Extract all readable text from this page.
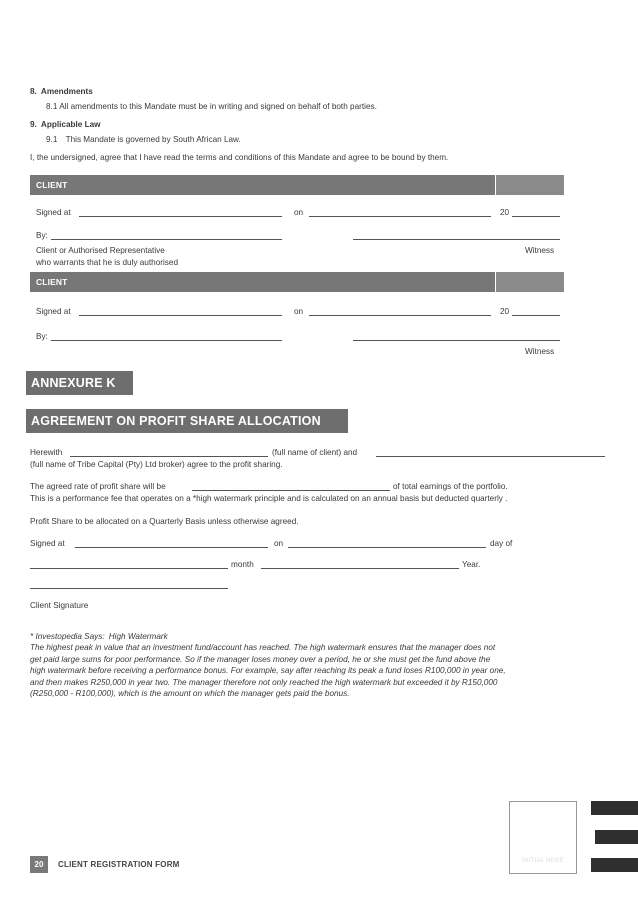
8. Amendments
8.1 All amendments to this Mandate must be in writing and signed on behalf of both parties.
9. Applicable Law
9.1  This Mandate is governed by South African Law.
I, the undersigned, agree that I have read the terms and conditions of this Mandate and agree to be bound by them.
CLIENT
Signed at	on	20
By:
Client or Authorised Representative
who warrants that he is duly authorised
Witness
CLIENT
Signed at	on	20
By:
Witness
ANNEXURE K
AGREEMENT ON PROFIT SHARE ALLOCATION
Herewith	(full name of client) and
(full name of Tribe Capital (Pty) Ltd broker) agree to the profit sharing.
The agreed rate of profit share will be	of total earnings of the portfolio.
This is a performance fee that operates on a *high watermark principle and is calculated on an annual basis but deducted quarterly .
Profit Share to be allocated on a Quarterly Basis unless otherwise agreed.
Signed at	on	day of
month	Year.
Client Signature
* Investopedia Says: High Watermark
The highest peak in value that an investment fund/account has reached. The high watermark ensures that the manager does not
get paid large sums for poor performance. So if the manager loses money over a period, he or she must get the fund above the
high watermark before receiving a performance bonus. For example, say after reaching its peak a fund loses R100,000 in year one,
and then makes R250,000 in year two. The manager therefore not only reached the high watermark but exceeded it by R150,000
(R250,000 - R100,000), which is the amount on which the manager gets paid the bonus.
20	CLIENT REGISTRATION FORM	INITIAL HERE
